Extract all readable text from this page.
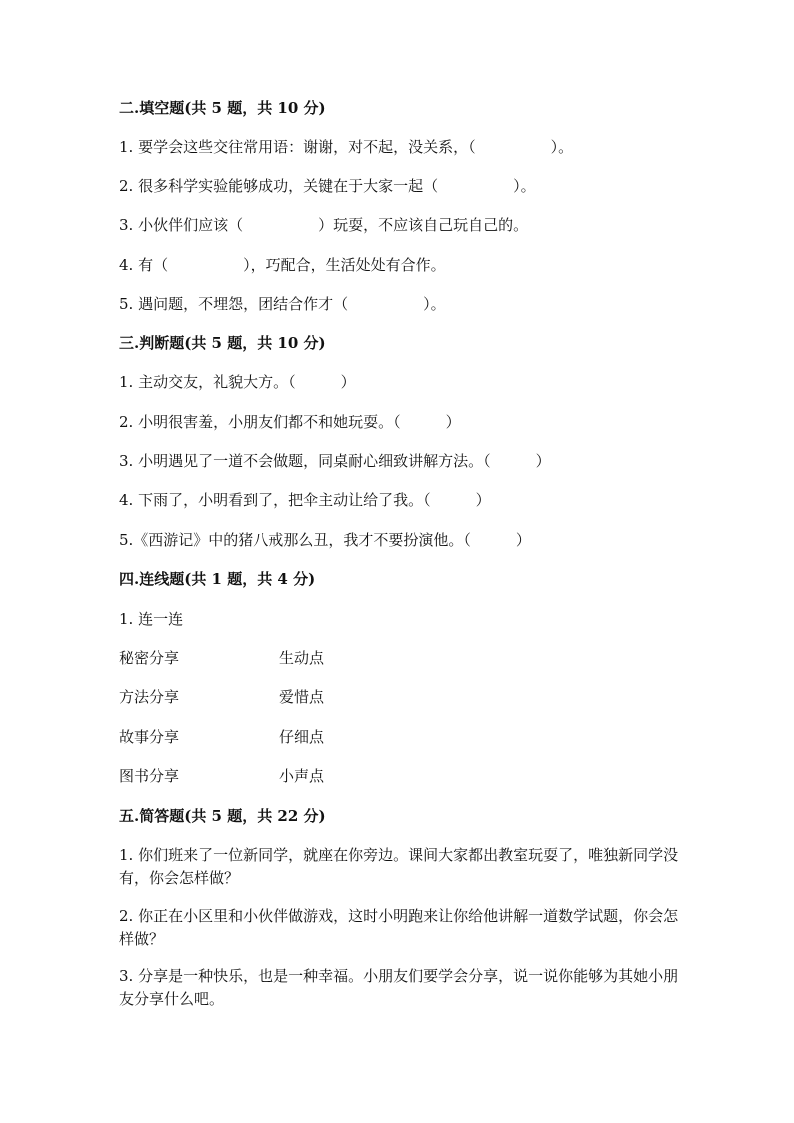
二.填空题(共 5 题，共 10 分)
1. 要学会这些交往常用语：谢谢，对不起，没关系，（　　　　　）。
2. 很多科学实验能够成功，关键在于大家一起（　　　　　）。
3. 小伙伴们应该（　　　　　）玩耍，不应该自己玩自己的。
4. 有（　　　　　），巧配合，生活处处有合作。
5. 遇问题，不埋怨，团结合作才（　　　　　）。
三.判断题(共 5 题，共 10 分)
1. 主动交友，礼貌大方。（　　　）
2. 小明很害羞，小朋友们都不和她玩耍。（　　　）
3. 小明遇见了一道不会做题，同桌耐心细致讲解方法。（　　　）
4. 下雨了，小明看到了，把伞主动让给了我。（　　　）
5.《西游记》中的猪八戒那么丑，我才不要扮演他。（　　　）
四.连线题(共 1 题，共 4 分)
1. 连一连
秘密分享	生动点
方法分享	爱惜点
故事分享	仔细点
图书分享	小声点
五.简答题(共 5 题，共 22 分)
1. 你们班来了一位新同学，就座在你旁边。课间大家都出教室玩耍了，唯独新同学没有，你会怎样做？
2. 你正在小区里和小伙伴做游戏，这时小明跑来让你给他讲解一道数学试题，你会怎样做？
3. 分享是一种快乐，也是一种幸福。小朋友们要学会分享，说一说你能够为其她小朋友分享什么吧。
